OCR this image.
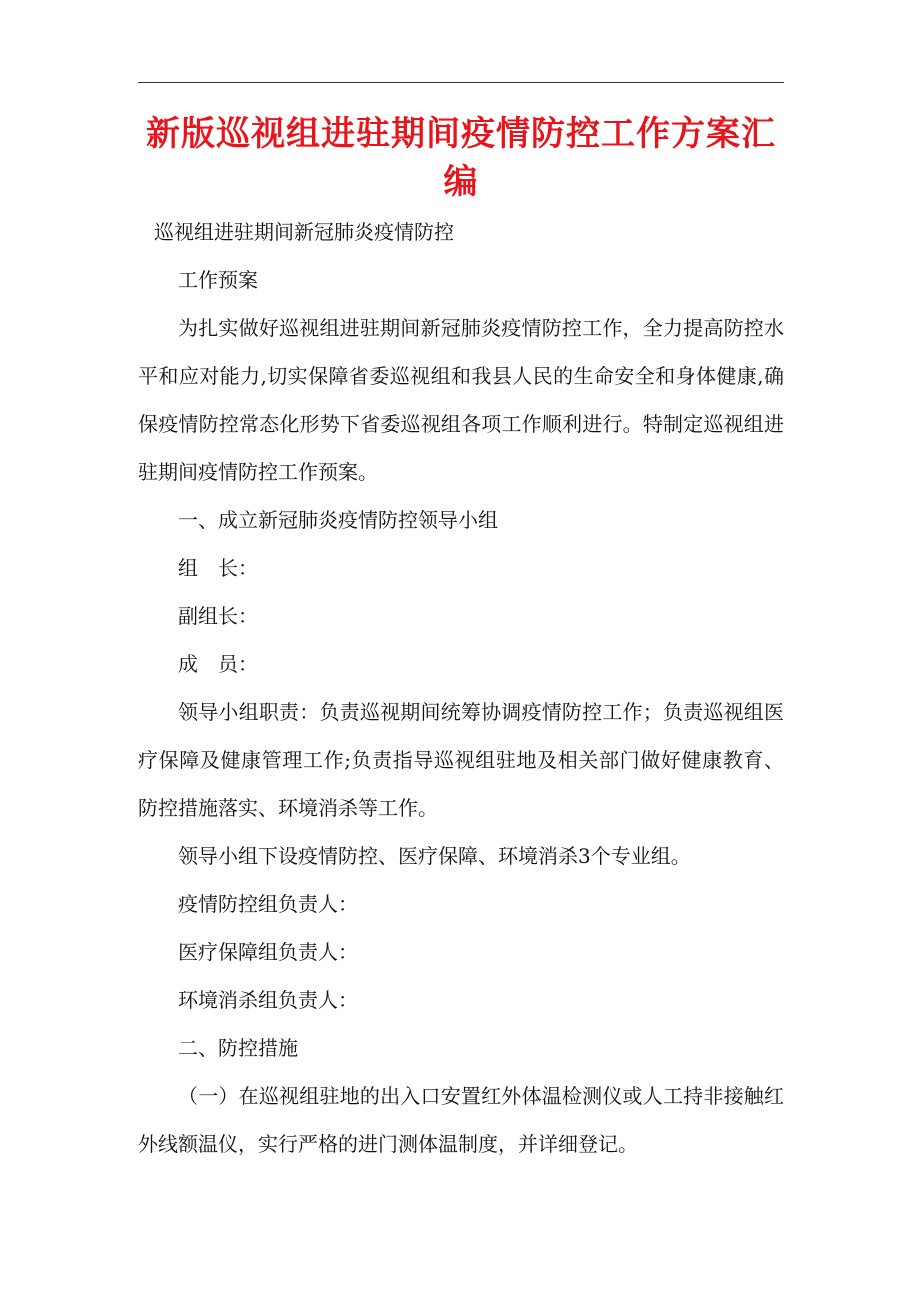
新版巡视组进驻期间疫情防控工作方案汇编

巡视组进驻期间新冠肺炎疫情防控

工作预案

为扎实做好巡视组进驻期间新冠肺炎疫情防控工作，全力提高防控水平和应对能力,切实保障省委巡视组和我县人民的生命安全和身体健康,确保疫情防控常态化形势下省委巡视组各项工作顺利进行。特制定巡视组进驻期间疫情防控工作预案。

一、成立新冠肺炎疫情防控领导小组

组　长：

副组长：

成　员：

领导小组职责：负责巡视期间统筹协调疫情防控工作；负责巡视组医疗保障及健康管理工作;负责指导巡视组驻地及相关部门做好健康教育、防控措施落实、环境消杀等工作。

领导小组下设疫情防控、医疗保障、环境消杀3个专业组。

疫情防控组负责人：

医疗保障组负责人：

环境消杀组负责人：

二、防控措施

（一）在巡视组驻地的出入口安置红外体温检测仪或人工持非接触红外线额温仪，实行严格的进门测体温制度，并详细登记。
